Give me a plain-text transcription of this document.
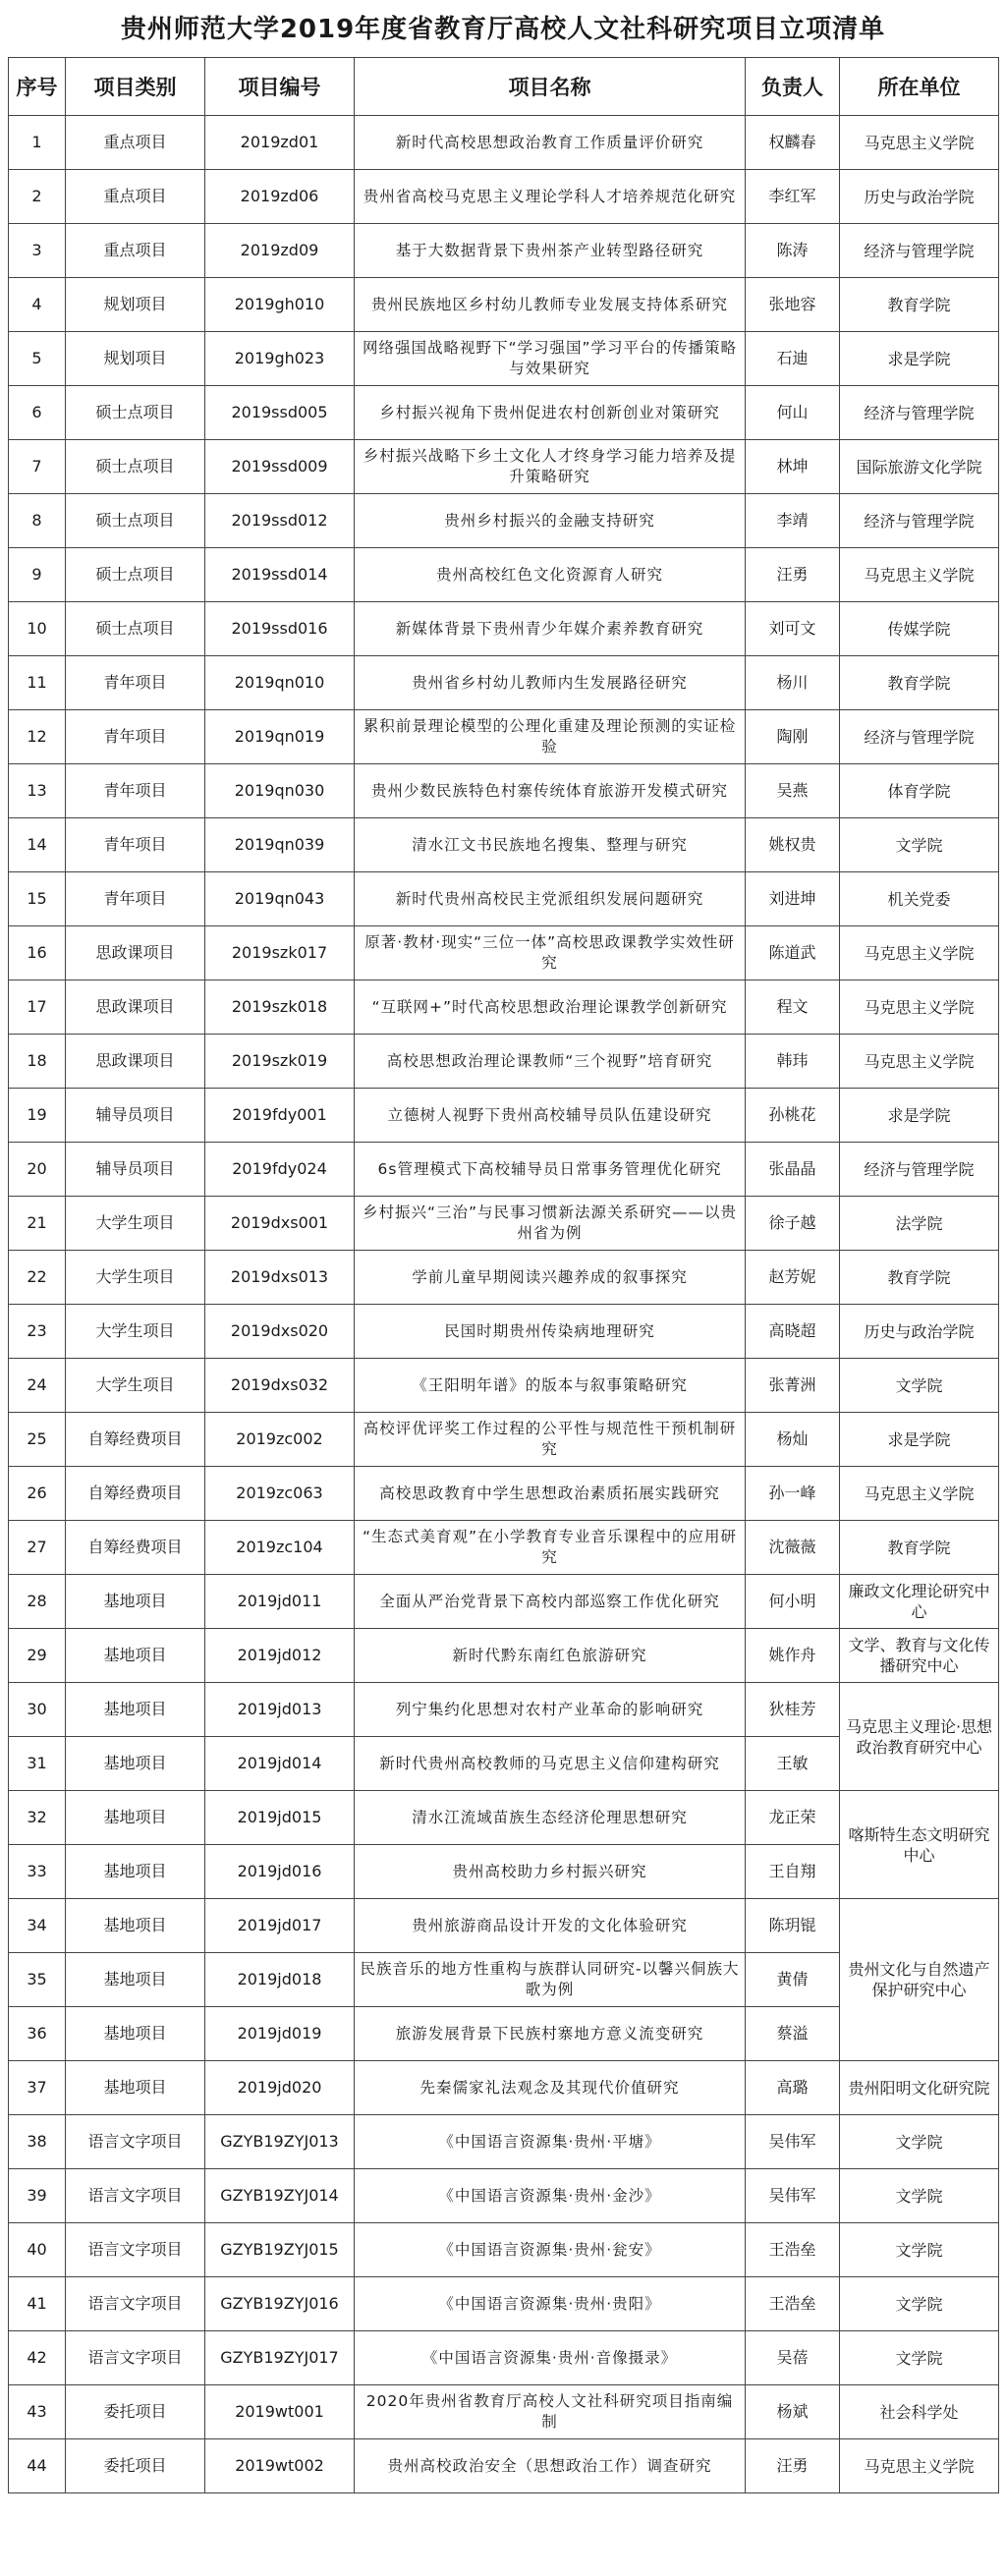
贵州师范大学2019年度省教育厅高校人文社科研究项目立项清单
序号	项目类别	项目编号	项目名称	负责人	所在单位
1	重点项目	2019zd01	新时代高校思想政治教育工作质量评价研究	权麟春	马克思主义学院
2	重点项目	2019zd06	贵州省高校马克思主义理论学科人才培养规范化研究	李红军	历史与政治学院
3	重点项目	2019zd09	基于大数据背景下贵州茶产业转型路径研究	陈涛	经济与管理学院
4	规划项目	2019gh010	贵州民族地区乡村幼儿教师专业发展支持体系研究	张地容	教育学院
5	规划项目	2019gh023	网络强国战略视野下“学习强国”学习平台的传播策略与效果研究	石迪	求是学院
6	硕士点项目	2019ssd005	乡村振兴视角下贵州促进农村创新创业对策研究	何山	经济与管理学院
7	硕士点项目	2019ssd009	乡村振兴战略下乡土文化人才终身学习能力培养及提升策略研究	林坤	国际旅游文化学院
8	硕士点项目	2019ssd012	贵州乡村振兴的金融支持研究	李靖	经济与管理学院
9	硕士点项目	2019ssd014	贵州高校红色文化资源育人研究	汪勇	马克思主义学院
10	硕士点项目	2019ssd016	新媒体背景下贵州青少年媒介素养教育研究	刘可文	传媒学院
11	青年项目	2019qn010	贵州省乡村幼儿教师内生发展路径研究	杨川	教育学院
12	青年项目	2019qn019	累积前景理论模型的公理化重建及理论预测的实证检验	陶刚	经济与管理学院
13	青年项目	2019qn030	贵州少数民族特色村寨传统体育旅游开发模式研究	吴燕	体育学院
14	青年项目	2019qn039	清水江文书民族地名搜集、整理与研究	姚权贵	文学院
15	青年项目	2019qn043	新时代贵州高校民主党派组织发展问题研究	刘进坤	机关党委
16	思政课项目	2019szk017	原著·教材·现实“三位一体”高校思政课教学实效性研究	陈道武	马克思主义学院
17	思政课项目	2019szk018	“互联网+”时代高校思想政治理论课教学创新研究	程文	马克思主义学院
18	思政课项目	2019szk019	高校思想政治理论课教师“三个视野”培育研究	韩玮	马克思主义学院
19	辅导员项目	2019fdy001	立德树人视野下贵州高校辅导员队伍建设研究	孙桃花	求是学院
20	辅导员项目	2019fdy024	6s管理模式下高校辅导员日常事务管理优化研究	张晶晶	经济与管理学院
21	大学生项目	2019dxs001	乡村振兴“三治”与民事习惯新法源关系研究——以贵州省为例	徐子越	法学院
22	大学生项目	2019dxs013	学前儿童早期阅读兴趣养成的叙事探究	赵芳妮	教育学院
23	大学生项目	2019dxs020	民国时期贵州传染病地理研究	高晓超	历史与政治学院
24	大学生项目	2019dxs032	《王阳明年谱》的版本与叙事策略研究	张菁洲	文学院
25	自筹经费项目	2019zc002	高校评优评奖工作过程的公平性与规范性干预机制研究	杨灿	求是学院
26	自筹经费项目	2019zc063	高校思政教育中学生思想政治素质拓展实践研究	孙一峰	马克思主义学院
27	自筹经费项目	2019zc104	“生态式美育观”在小学教育专业音乐课程中的应用研究	沈薇薇	教育学院
28	基地项目	2019jd011	全面从严治党背景下高校内部巡察工作优化研究	何小明	廉政文化理论研究中心
29	基地项目	2019jd012	新时代黔东南红色旅游研究	姚作舟	文学、教育与文化传播研究中心
30	基地项目	2019jd013	列宁集约化思想对农村产业革命的影响研究	狄桂芳	马克思主义理论·思想政治教育研究中心
31	基地项目	2019jd014	新时代贵州高校教师的马克思主义信仰建构研究	王敏	
32	基地项目	2019jd015	清水江流域苗族生态经济伦理思想研究	龙正荣	喀斯特生态文明研究中心
33	基地项目	2019jd016	贵州高校助力乡村振兴研究	王自翔	
34	基地项目	2019jd017	贵州旅游商品设计开发的文化体验研究	陈玥锟	贵州文化与自然遗产保护研究中心
35	基地项目	2019jd018	民族音乐的地方性重构与族群认同研究-以馨兴侗族大歌为例	黄倩	
36	基地项目	2019jd019	旅游发展背景下民族村寨地方意义流变研究	蔡溢	
37	基地项目	2019jd020	先秦儒家礼法观念及其现代价值研究	高璐	贵州阳明文化研究院
38	语言文字项目	GZYB19ZYJ013	《中国语言资源集·贵州·平塘》	吴伟军	文学院
39	语言文字项目	GZYB19ZYJ014	《中国语言资源集·贵州·金沙》	吴伟军	文学院
40	语言文字项目	GZYB19ZYJ015	《中国语言资源集·贵州·瓮安》	王浩垒	文学院
41	语言文字项目	GZYB19ZYJ016	《中国语言资源集·贵州·贵阳》	王浩垒	文学院
42	语言文字项目	GZYB19ZYJ017	《中国语言资源集·贵州·音像摄录》	吴蓓	文学院
43	委托项目	2019wt001	2020年贵州省教育厅高校人文社科研究项目指南编制	杨斌	社会科学处
44	委托项目	2019wt002	贵州高校政治安全（思想政治工作）调查研究	汪勇	马克思主义学院
